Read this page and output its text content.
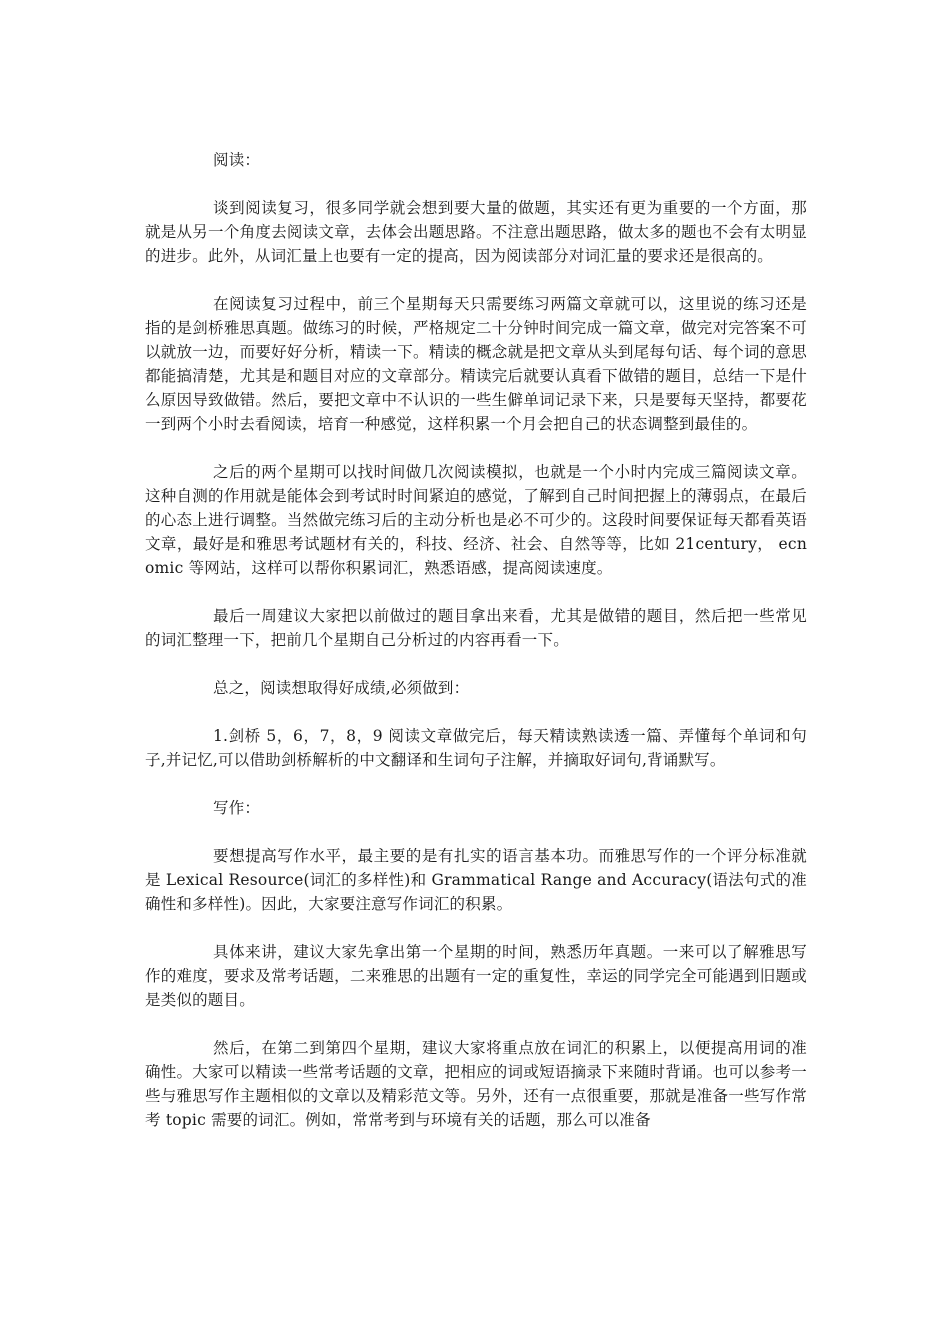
阅读：

谈到阅读复习，很多同学就会想到要大量的做题，其实还有更为重要的一个方面，那就是从另一个角度去阅读文章，去体会出题思路。不注意出题思路，做太多的题也不会有太明显的进步。此外，从词汇量上也要有一定的提高，因为阅读部分对词汇量的要求还是很高的。

在阅读复习过程中，前三个星期每天只需要练习两篇文章就可以，这里说的练习还是指的是剑桥雅思真题。做练习的时候，严格规定二十分钟时间完成一篇文章，做完对完答案不可以就放一边，而要好好分析，精读一下。精读的概念就是把文章从头到尾每句话、每个词的意思都能搞清楚，尤其是和题目对应的文章部分。精读完后就要认真看下做错的题目，总结一下是什么原因导致做错。然后，要把文章中不认识的一些生僻单词记录下来，只是要每天坚持，都要花一到两个小时去看阅读，培育一种感觉，这样积累一个月会把自己的状态调整到最佳的。

之后的两个星期可以找时间做几次阅读模拟，也就是一个小时内完成三篇阅读文章。这种自测的作用就是能体会到考试时时间紧迫的感觉，了解到自己时间把握上的薄弱点，在最后的心态上进行调整。当然做完练习后的主动分析也是必不可少的。这段时间要保证每天都看英语文章，最好是和雅思考试题材有关的，科技、经济、社会、自然等等，比如 21century， ecnomic 等网站，这样可以帮你积累词汇，熟悉语感，提高阅读速度。

最后一周建议大家把以前做过的题目拿出来看，尤其是做错的题目，然后把一些常见的词汇整理一下，把前几个星期自己分析过的内容再看一下。

总之，阅读想取得好成绩,必须做到：

1.剑桥 5，6，7，8，9 阅读文章做完后，每天精读熟读透一篇、弄懂每个单词和句子,并记忆,可以借助剑桥解析的中文翻译和生词句子注解，并摘取好词句,背诵默写。

写作：

要想提高写作水平，最主要的是有扎实的语言基本功。而雅思写作的一个评分标准就是 Lexical Resource(词汇的多样性)和 Grammatical Range and Accuracy(语法句式的准确性和多样性)。因此，大家要注意写作词汇的积累。

具体来讲，建议大家先拿出第一个星期的时间，熟悉历年真题。一来可以了解雅思写作的难度，要求及常考话题，二来雅思的出题有一定的重复性，幸运的同学完全可能遇到旧题或是类似的题目。

然后，在第二到第四个星期，建议大家将重点放在词汇的积累上，以便提高用词的准确性。大家可以精读一些常考话题的文章，把相应的词或短语摘录下来随时背诵。也可以参考一些与雅思写作主题相似的文章以及精彩范文等。另外，还有一点很重要，那就是准备一些写作常考 topic 需要的词汇。例如，常常考到与环境有关的话题，那么可以准备
